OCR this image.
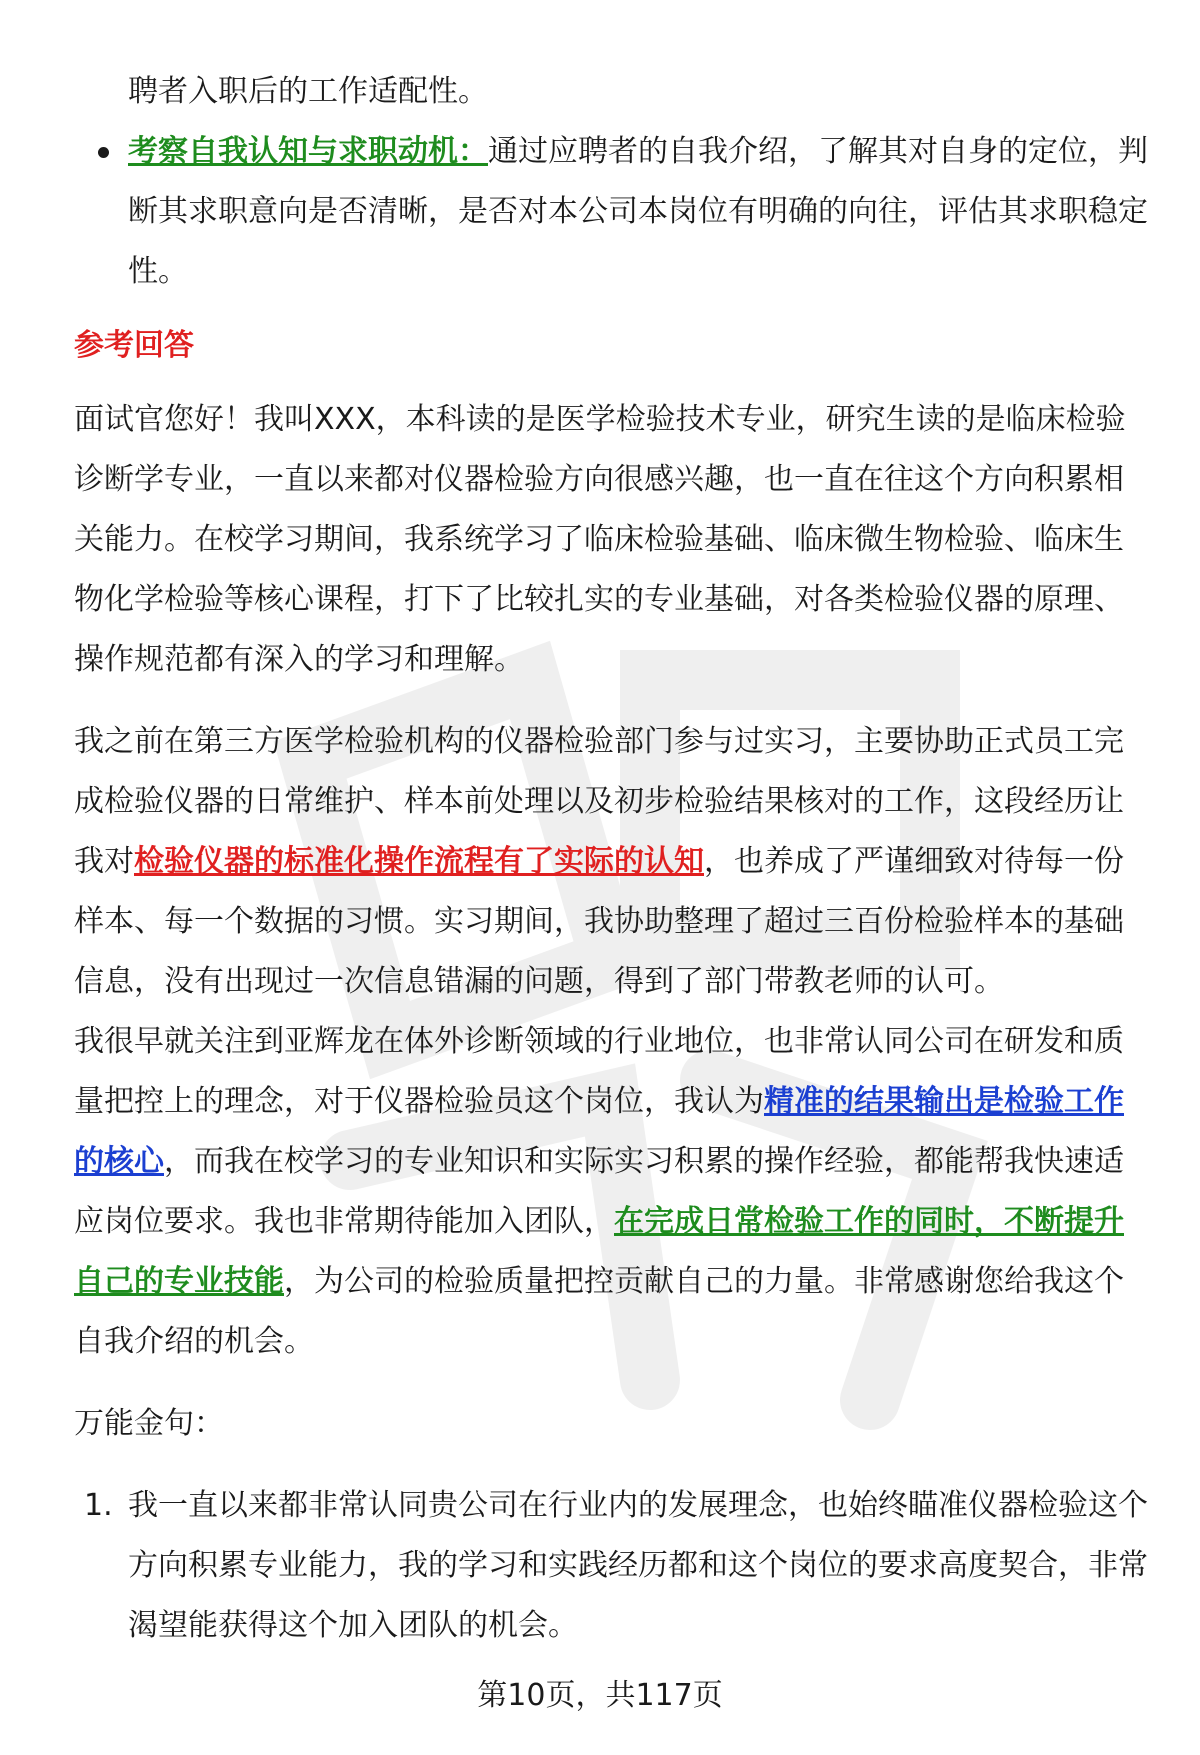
聘者入职后的工作适配性。
考察自我认知与求职动机：通过应聘者的自我介绍，了解其对自身的定位，判断其求职意向是否清晰，是否对本公司本岗位有明确的向往，评估其求职稳定性。
参考回答

面试官您好！我叫XXX，本科读的是医学检验技术专业，研究生读的是临床检验诊断学专业，一直以来都对仪器检验方向很感兴趣，也一直在往这个方向积累相关能力。在校学习期间，我系统学习了临床检验基础、临床微生物检验、临床生物化学检验等核心课程，打下了比较扎实的专业基础，对各类检验仪器的原理、操作规范都有深入的学习和理解。

我之前在第三方医学检验机构的仪器检验部门参与过实习，主要协助正式员工完成检验仪器的日常维护、样本前处理以及初步检验结果核对的工作，这段经历让我对检验仪器的标准化操作流程有了实际的认知，也养成了严谨细致对待每一份样本、每一个数据的习惯。实习期间，我协助整理了超过三百份检验样本的基础信息，没有出现过一次信息错漏的问题，得到了部门带教老师的认可。

我很早就关注到亚辉龙在体外诊断领域的行业地位，也非常认同公司在研发和质量把控上的理念，对于仪器检验员这个岗位，我认为精准的结果输出是检验工作的核心，而我在校学习的专业知识和实际实习积累的操作经验，都能帮我快速适应岗位要求。我也非常期待能加入团队，在完成日常检验工作的同时，不断提升自己的专业技能，为公司的检验质量把控贡献自己的力量。非常感谢您给我这个自我介绍的机会。

万能金句：

1. 我一直以来都非常认同贵公司在行业内的发展理念，也始终瞄准仪器检验这个方向积累专业能力，我的学习和实践经历都和这个岗位的要求高度契合，非常渴望能获得这个加入团队的机会。
第10页，共117页
